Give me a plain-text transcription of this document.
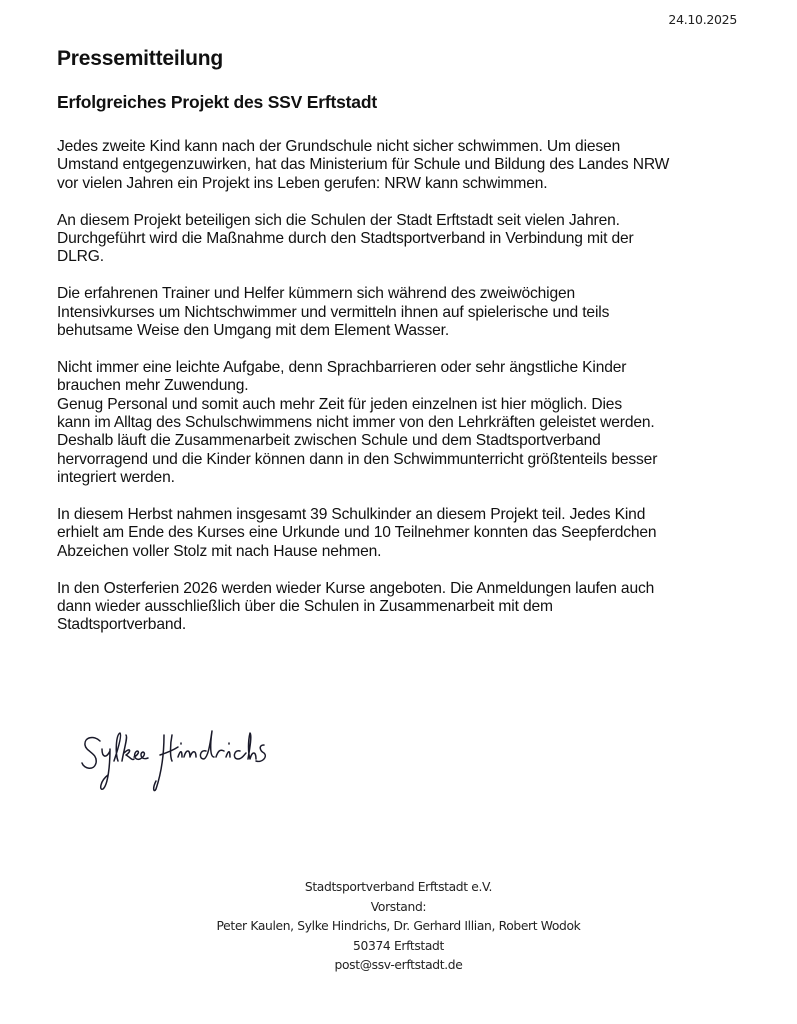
24.10.2025
Pressemitteilung
Erfolgreiches Projekt des SSV Erftstadt

Jedes zweite Kind kann nach der Grundschule nicht sicher schwimmen. Um diesen
Umstand entgegenzuwirken, hat das Ministerium für Schule und Bildung des Landes NRW
vor vielen Jahren ein Projekt ins Leben gerufen: NRW kann schwimmen.

An diesem Projekt beteiligen sich die Schulen der Stadt Erftstadt seit vielen Jahren.
Durchgeführt wird die Maßnahme durch den Stadtsportverband in Verbindung mit der
DLRG.

Die erfahrenen Trainer und Helfer kümmern sich während des zweiwöchigen
Intensivkurses um Nichtschwimmer und vermitteln ihnen auf spielerische und teils
behutsame Weise den Umgang mit dem Element Wasser.

Nicht immer eine leichte Aufgabe, denn Sprachbarrieren oder sehr ängstliche Kinder
brauchen mehr Zuwendung.
Genug Personal und somit auch mehr Zeit für jeden einzelnen ist hier möglich. Dies
kann im Alltag des Schulschwimmens nicht immer von den Lehrkräften geleistet werden.
Deshalb läuft die Zusammenarbeit zwischen Schule und dem Stadtsportverband
hervorragend und die Kinder können dann in den Schwimmunterricht größtenteils besser
integriert werden.

In diesem Herbst nahmen insgesamt 39 Schulkinder an diesem Projekt teil. Jedes Kind
erhielt am Ende des Kurses eine Urkunde und 10 Teilnehmer konnten das Seepferdchen
Abzeichen voller Stolz mit nach Hause nehmen.

In den Osterferien 2026 werden wieder Kurse angeboten. Die Anmeldungen laufen auch
dann wieder ausschließlich über die Schulen in Zusammenarbeit mit dem
Stadtsportverband.

Stadtsportverband Erftstadt e.V.
Vorstand:
Peter Kaulen, Sylke Hindrichs, Dr. Gerhard Illian, Robert Wodok
50374 Erftstadt
post@ssv-erftstadt.de
